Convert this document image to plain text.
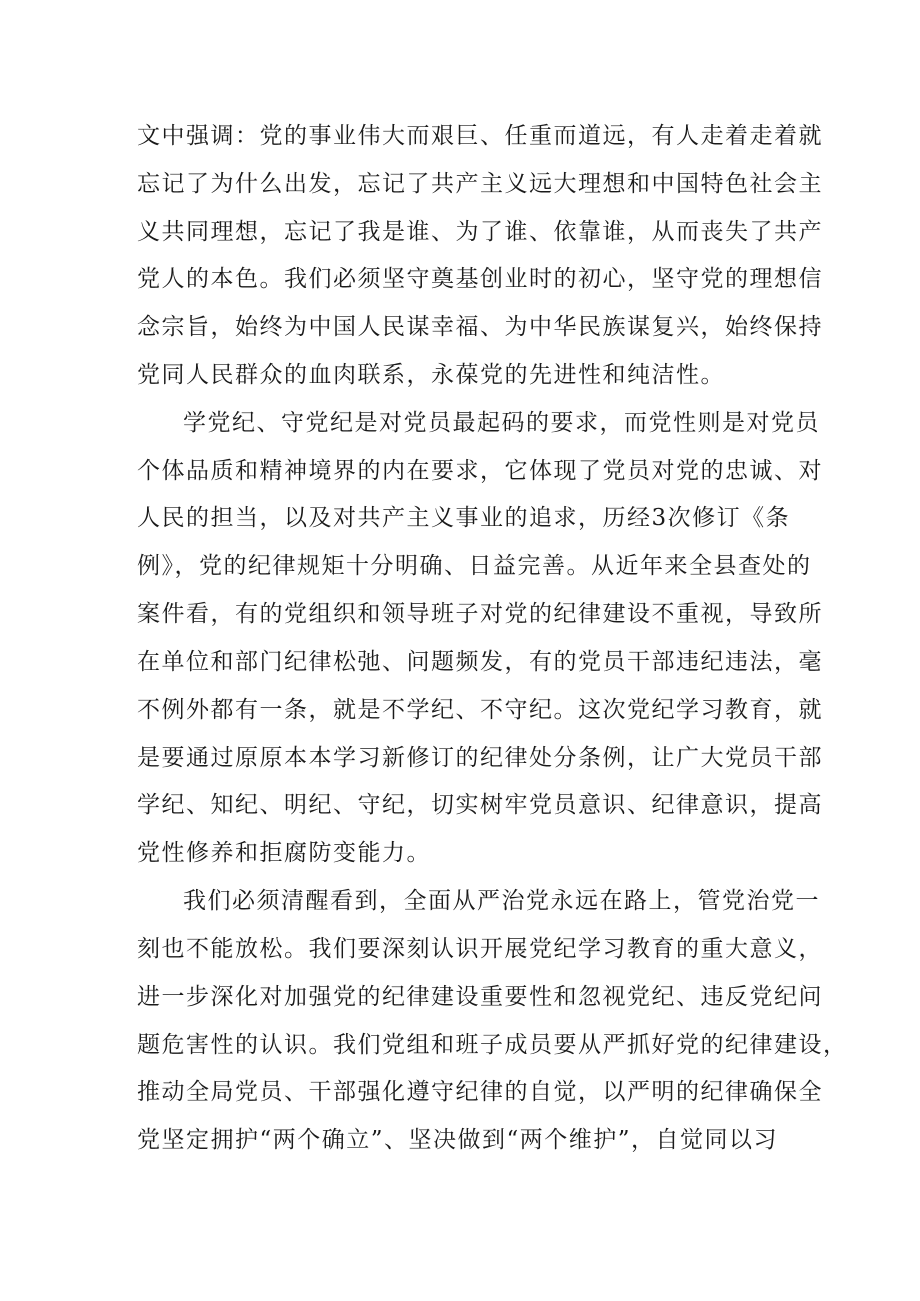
文中强调：党的事业伟大而艰巨、任重而道远，有人走着走着就
忘记了为什么出发，忘记了共产主义远大理想和中国特色社会主
义共同理想，忘记了我是谁、为了谁、依靠谁，从而丧失了共产
党人的本色。我们必须坚守奠基创业时的初心，坚守党的理想信
念宗旨，始终为中国人民谋幸福、为中华民族谋复兴，始终保持
党同人民群众的血肉联系，永葆党的先进性和纯洁性。
学党纪、守党纪是对党员最起码的要求，而党性则是对党员
个体品质和精神境界的内在要求，它体现了党员对党的忠诚、对
人民的担当，以及对共产主义事业的追求，历经3次修订《条
例》，党的纪律规矩十分明确、日益完善。从近年来全县查处的
案件看，有的党组织和领导班子对党的纪律建设不重视，导致所
在单位和部门纪律松弛、问题频发，有的党员干部违纪违法，毫
不例外都有一条，就是不学纪、不守纪。这次党纪学习教育，就
是要通过原原本本学习新修订的纪律处分条例，让广大党员干部
学纪、知纪、明纪、守纪，切实树牢党员意识、纪律意识，提高
党性修养和拒腐防变能力。
我们必须清醒看到，全面从严治党永远在路上，管党治党一
刻也不能放松。我们要深刻认识开展党纪学习教育的重大意义，
进一步深化对加强党的纪律建设重要性和忽视党纪、违反党纪问
题危害性的认识。我们党组和班子成员要从严抓好党的纪律建设，
推动全局党员、干部强化遵守纪律的自觉，以严明的纪律确保全
党坚定拥护“两个确立”、坚决做到“两个维护”，自觉同以习
